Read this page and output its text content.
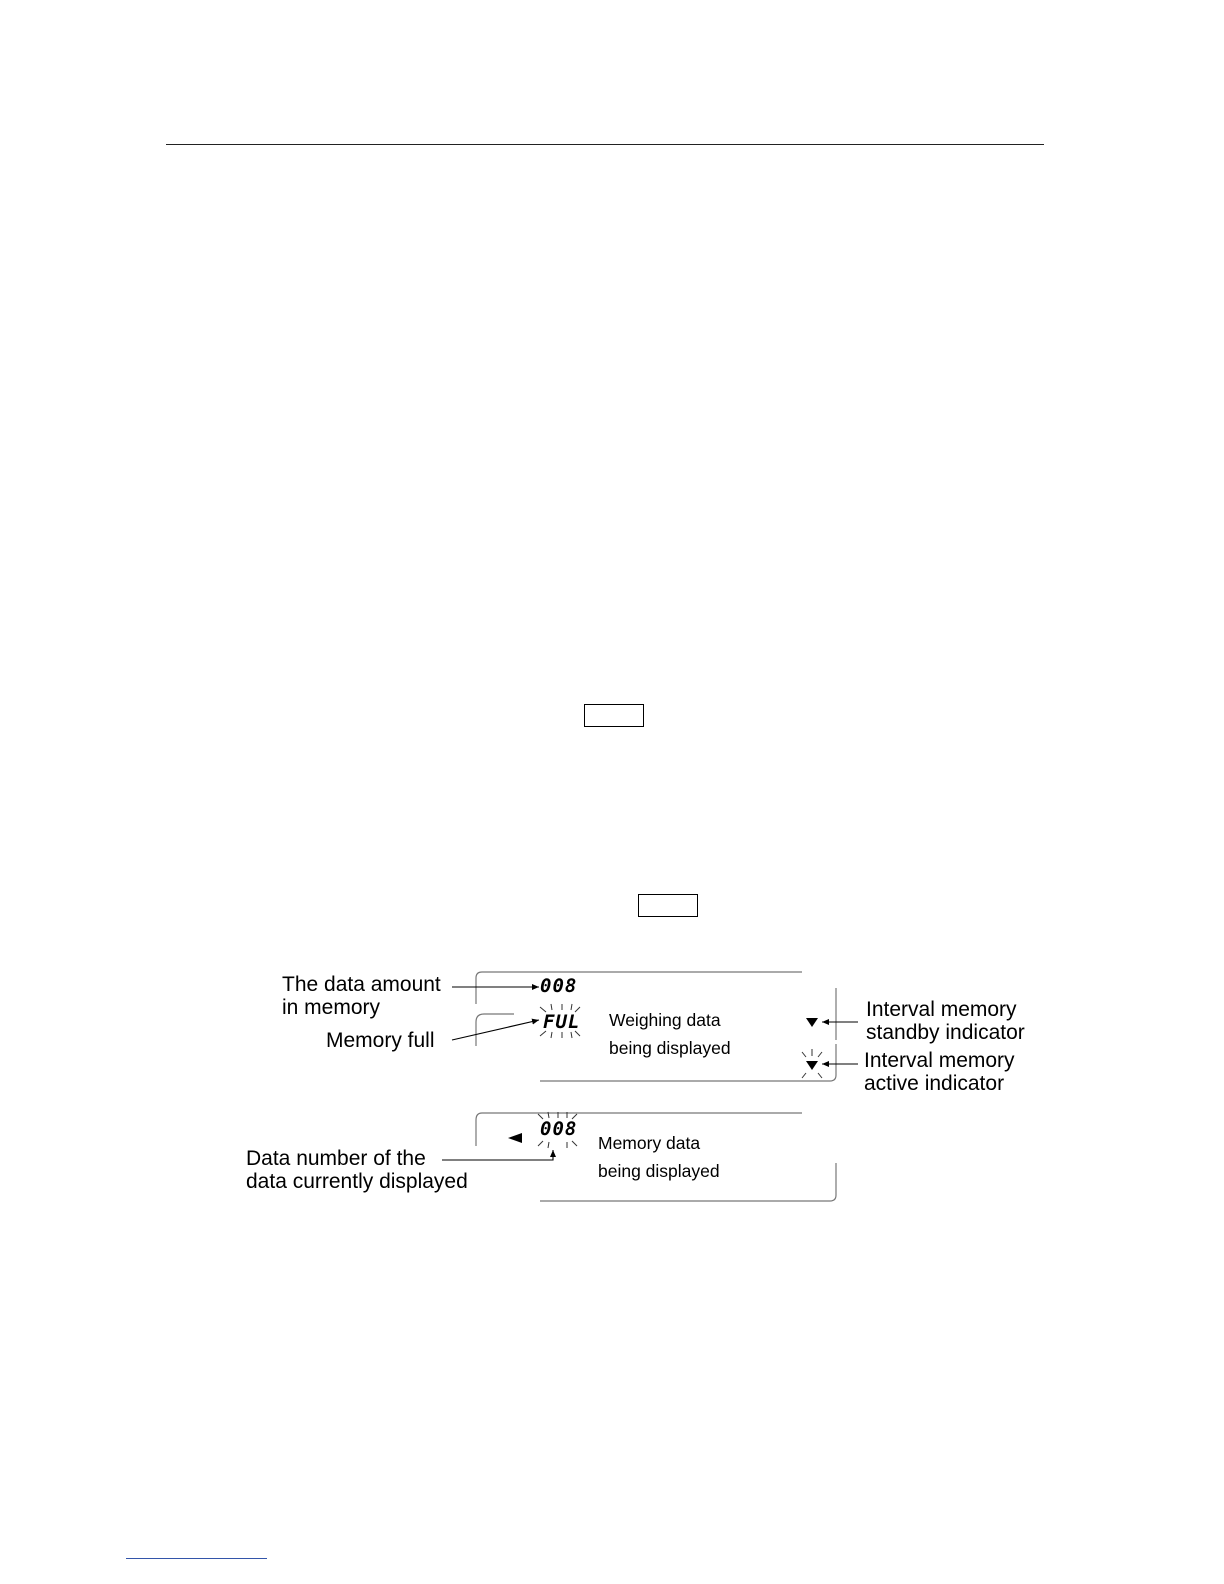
008
FUL
008
Weighing data
being displayed
Memory data
being displayed
The data amount
in memory
Memory full
Interval memory
standby indicator
Interval memory
active indicator
Data number of the
data currently displayed
